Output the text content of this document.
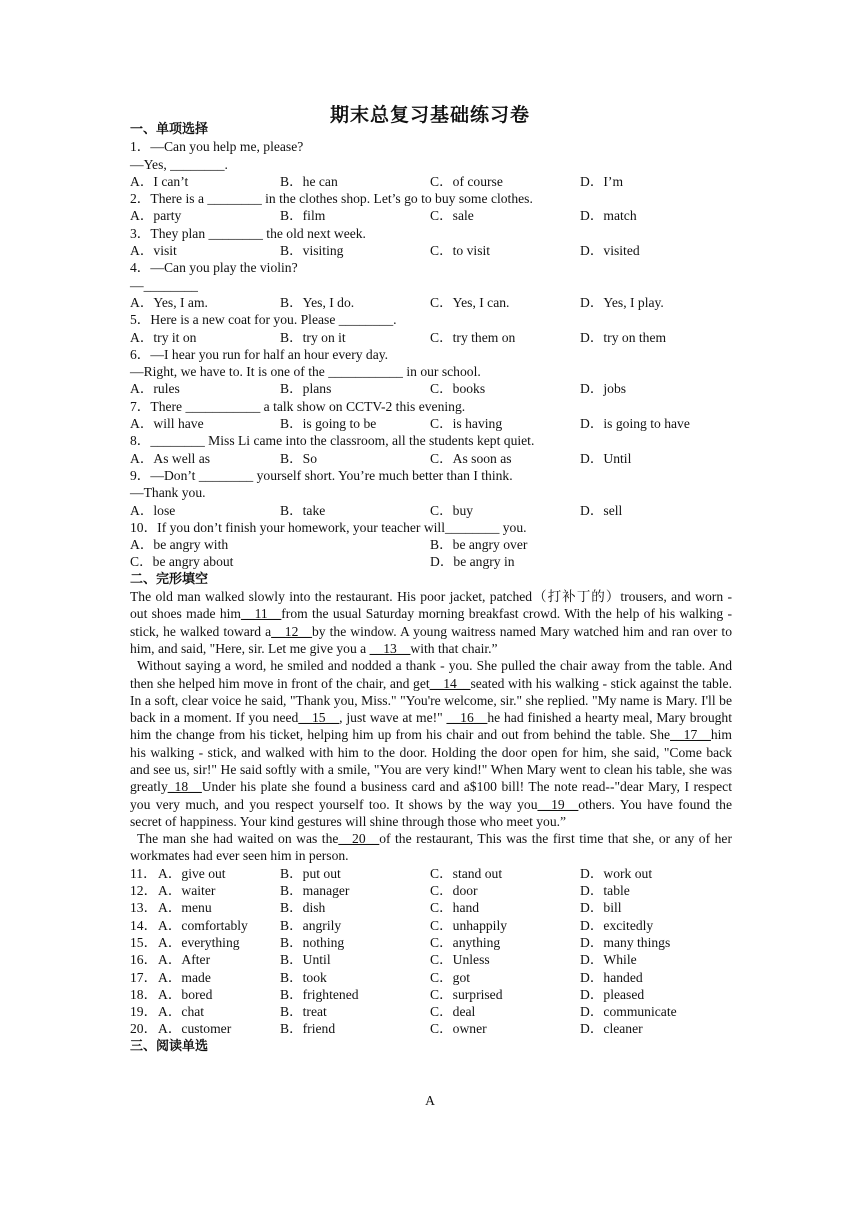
期末总复习基础练习卷
一、单项选择
1．—Can you help me, please?
—Yes, ________.
A．I can’t	B．he can	C．of course	D．I’m
2．There is a ________ in the clothes shop. Let’s go to buy some clothes.
A．party	B．film	C．sale	D．match
3．They plan ________ the old next week.
A．visit	B．visiting	C．to visit	D．visited
4．—Can you play the violin?
—________
A．Yes, I am.	B．Yes, I do.	C．Yes, I can.	D．Yes, I play.
5．Here is a new coat for you. Please ________.
A．try it on	B．try on it	C．try them on	D．try on them
6．—I hear you run for half an hour every day.
—Right, we have to. It is one of the ___________ in our school.
A．rules	B．plans	C．books	D．jobs
7．There ___________ a talk show on CCTV-2 this evening.
A．will have	B．is going to be	C．is having	D．is going to have
8．________ Miss Li came into the classroom, all the students kept quiet.
A．As well as	B．So	C．As soon as	D．Until
9．—Don’t ________ yourself short. You’re much better than I think.
—Thank you.
A．lose	B．take	C．buy	D．sell
10．If you don’t finish your homework, your teacher will________ you.
A．be angry with	B．be angry over
C．be angry about	D．be angry in
二、完形填空
The old man walked slowly into the restaurant. His poor jacket, patched（打补丁的）trousers, and worn - out shoes made him__11__from the usual Saturday morning breakfast crowd. With the help of his walking - stick, he walked toward a__12__by the window. A young waitress named Mary watched him and ran over to him, and said, "Here, sir. Let me give you a __13__with that chair.”
Without saying a word, he smiled and nodded a thank - you. She pulled the chair away from the table. And then she helped him move in front of the chair, and get__14__seated with his walking - stick against the table. In a soft, clear voice he said, "Thank you, Miss." "You're welcome, sir." she replied. "My name is Mary. I'll be back in a moment. If you need__15__, just wave at me!" __16__he had finished a hearty meal, Mary brought him the change from his ticket, helping him up from his chair and out from behind the table. She__17__him his walking - stick, and walked with him to the door. Holding the door open for him, she said, "Come back and see us, sir!" He said softly with a smile, "You are very kind!" When Mary went to clean his table, she was greatly_18__Under his plate she found a business card and a$100 bill! The note read--"dear Mary, I respect you very much, and you respect yourself too. It shows by the way you__19__others. You have found the secret of happiness. Your kind gestures will shine through those who meet you.”
The man she had waited on was the__20__of the restaurant, This was the first time that she, or any of her workmates had ever seen him in person.
11． A．give out	B．put out	C．stand out	D．work out
12． A．waiter	B．manager	C．door	D．table
13． A．menu	B．dish	C．hand	D．bill
14． A．comfortably	B．angrily	C．unhappily	D．excitedly
15． A．everything	B．nothing	C．anything	D．many things
16． A．After	B．Until	C．Unless	D．While
17． A．made	B．took	C．got	D．handed
18． A．bored	B．frightened	C．surprised	D．pleased
19． A．chat	B．treat	C．deal	D．communicate
20． A．customer	B．friend	C．owner	D．cleaner
三、阅读单选
A
